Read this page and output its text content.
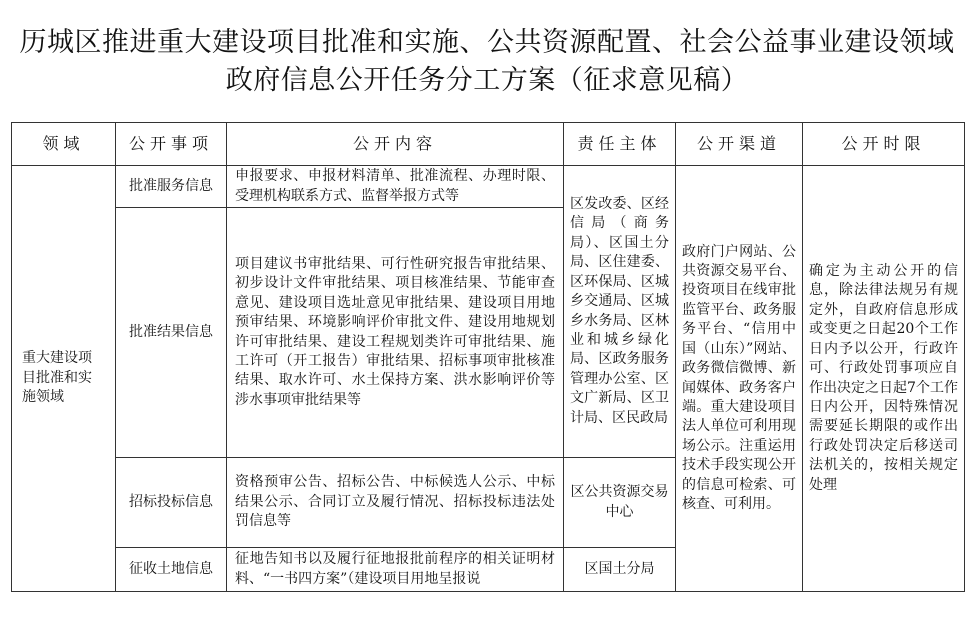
历城区推进重大建设项目批准和实施、公共资源配置、社会公益事业建设领域
政府信息公开任务分工方案（征求意见稿）
领域	公开事项	公开内容	责任主体	公开渠道	公开时限

重大建设项目批准和实施领域	批准服务信息	申报要求、申报材料清单、批准流程、办理时限、受理机构联系方式、监督举报方式等	区发改委、区经信局（商务局）、区国土分局、区住建委、区环保局、区城乡交通局、区城乡水务局、区林业和城乡绿化局、区政务服务管理办公室、区文广新局、区卫计局、区民政局	政府门户网站、公共资源交易平台、投资项目在线审批监管平台、政务服务平台、“信用中国（山东）”网站、政务微信微博、新闻媒体、政务客户端。重大建设项目法人单位可利用现场公示。注重运用技术手段实现公开的信息可检索、可核查、可利用。	确定为主动公开的信息，除法律法规另有规定外，自政府信息形成或变更之日起20个工作日内予以公开，行政许可、行政处罚事项应自作出决定之日起7个工作日内公开，因特殊情况需要延长期限的或作出行政处罚决定后移送司法机关的，按相关规定处理

	批准结果信息	项目建议书审批结果、可行性研究报告审批结果、初步设计文件审批结果、项目核准结果、节能审查意见、建设项目选址意见审批结果、建设项目用地预审结果、环境影响评价审批文件、建设用地规划许可审批结果、建设工程规划类许可审批结果、施工许可（开工报告）审批结果、招标事项审批核准结果、取水许可、水土保持方案、洪水影响评价等涉水事项审批结果等			

	招标投标信息	资格预审公告、招标公告、中标候选人公示、中标结果公示、合同订立及履行情况、招标投标违法处罚信息等	区公共资源交易中心		

	征收土地信息	征地告知书以及履行征地报批前程序的相关证明材料、“一书四方案”（建设项目用地呈报说	区国土分局		
